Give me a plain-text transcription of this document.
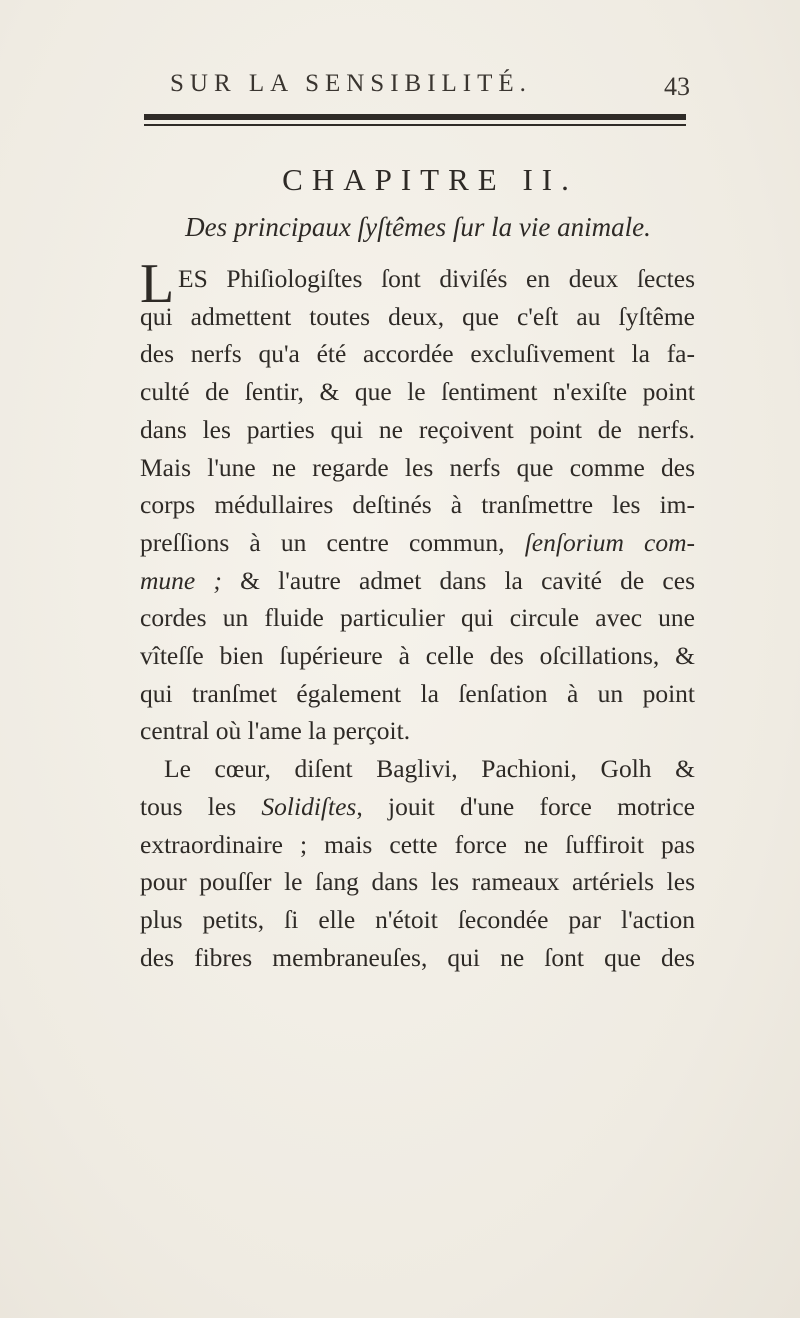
SUR LA SENSIBILITÉ.	43
CHAPITRE II.
Des principaux ſyſtêmes ſur la vie animale.
L ES Phiſiologiſtes ſont diviſés en deux ſectes
qui admettent toutes deux, que c'eſt au ſyſtême
des nerfs qu'a été accordée excluſivement la fa-
culté de ſentir, & que le ſentiment n'exiſte point
dans les parties qui ne reçoivent point de nerfs.
Mais l'une ne regarde les nerfs que comme des
corps médullaires deſtinés à tranſmettre les im-
preſſions à un centre commun, ſenſorium com-
mune ; & l'autre admet dans la cavité de ces
cordes un fluide particulier qui circule avec une
vîteſſe bien ſupérieure à celle des oſcillations, &
qui tranſmet également la ſenſation à un point
central où l'ame la perçoit.
Le cœur, diſent Baglivi, Pachioni, Golh &
tous les Solidiſtes, jouit d'une force motrice
extraordinaire ; mais cette force ne ſuffiroit pas
pour pouſſer le ſang dans les rameaux artériels les
plus petits, ſi elle n'étoit ſecondée par l'action
des fibres membraneuſes, qui ne ſont que des
